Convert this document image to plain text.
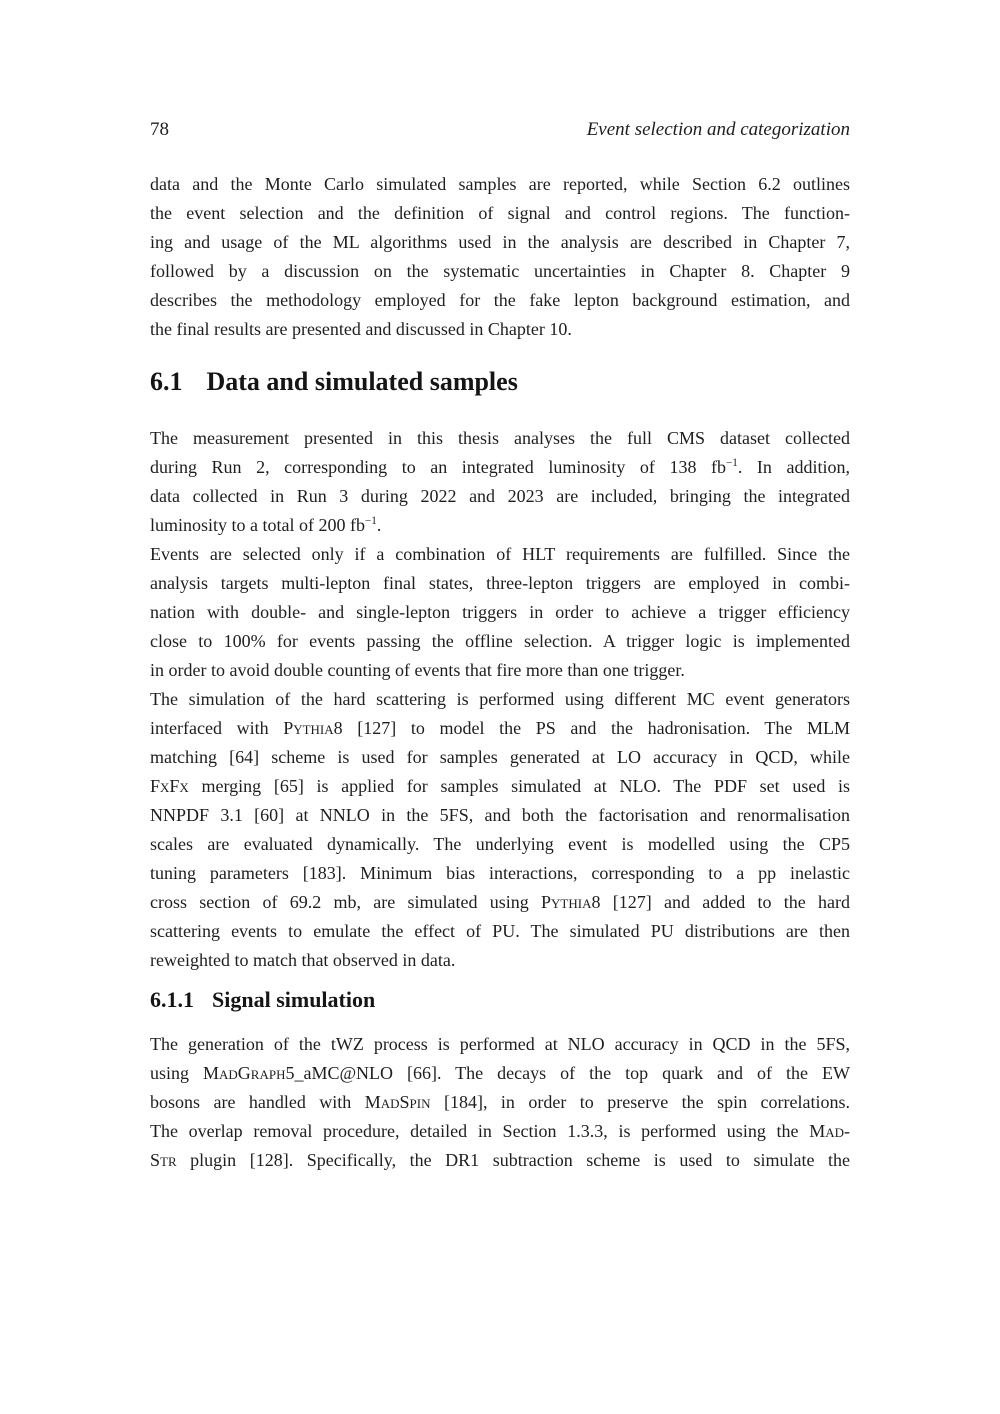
78	Event selection and categorization
data and the Monte Carlo simulated samples are reported, while Section 6.2 outlines
the event selection and the definition of signal and control regions. The function-
ing and usage of the ML algorithms used in the analysis are described in Chapter 7,
followed by a discussion on the systematic uncertainties in Chapter 8. Chapter 9
describes the methodology employed for the fake lepton background estimation, and
the final results are presented and discussed in Chapter 10.
6.1 Data and simulated samples
The measurement presented in this thesis analyses the full CMS dataset collected
during Run 2, corresponding to an integrated luminosity of 138 $fb^{-1}$. In addition,
data collected in Run 3 during 2022 and 2023 are included, bringing the integrated
luminosity to a total of 200 $fb^{-1}$.
Events are selected only if a combination of HLT requirements are fulfilled. Since the
analysis targets multi-lepton final states, three-lepton triggers are employed in combi-
nation with double- and single-lepton triggers in order to achieve a trigger efficiency
close to 100% for events passing the offline selection. A trigger logic is implemented
in order to avoid double counting of events that fire more than one trigger.
The simulation of the hard scattering is performed using different MC event generators
interfaced with Pythia8 [127] to model the PS and the hadronisation. The MLM
matching [64] scheme is used for samples generated at LO accuracy in QCD, while
FxFx merging [65] is applied for samples simulated at NLO. The PDF set used is
NNPDF 3.1 [60] at NNLO in the 5FS, and both the factorisation and renormalisation
scales are evaluated dynamically. The underlying event is modelled using the CP5
tuning parameters [183]. Minimum bias interactions, corresponding to a pp inelastic
cross section of 69.2 mb, are simulated using Pythia8 [127] and added to the hard
scattering events to emulate the effect of PU. The simulated PU distributions are then
reweighted to match that observed in data.
6.1.1 Signal simulation
The generation of the tWZ process is performed at NLO accuracy in QCD in the 5FS,
using MadGraph5_aMC@NLO [66]. The decays of the top quark and of the EW
bosons are handled with MadSpin [184], in order to preserve the spin correlations.
The overlap removal procedure, detailed in Section 1.3.3, is performed using the Mad-
Str plugin [128]. Specifically, the DR1 subtraction scheme is used to simulate the
